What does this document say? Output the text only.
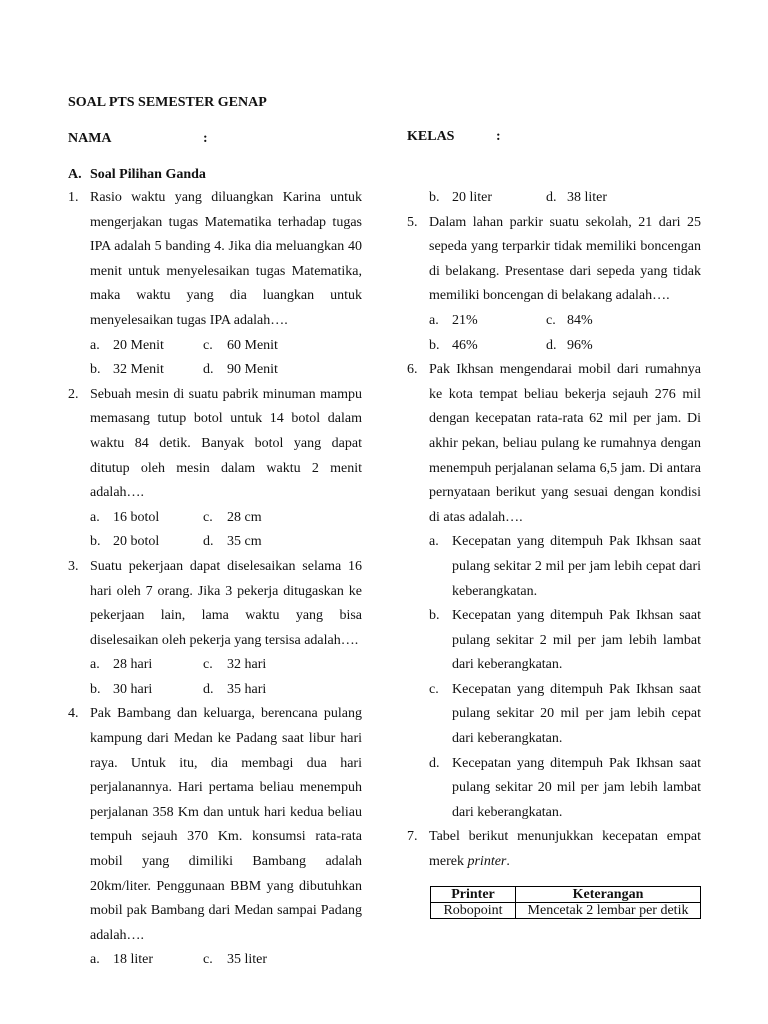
SOAL PTS SEMESTER GENAP
NAMA	:	KELAS	:
A. Soal Pilihan Ganda
1. Rasio waktu yang diluangkan Karina untuk mengerjakan tugas Matematika terhadap tugas IPA adalah 5 banding 4. Jika dia meluangkan 40 menit untuk menyelesaikan tugas Matematika, maka waktu yang dia luangkan untuk menyelesaikan tugas IPA adalah….
a. 20 Menit	c. 60 Menit
b. 32 Menit	d. 90 Menit
2. Sebuah mesin di suatu pabrik minuman mampu memasang tutup botol untuk 14 botol dalam waktu 84 detik. Banyak botol yang dapat ditutup oleh mesin dalam waktu 2 menit adalah….
a. 16 botol	c. 28 cm
b. 20 botol	d. 35 cm
3. Suatu pekerjaan dapat diselesaikan selama 16 hari oleh 7 orang. Jika 3 pekerja ditugaskan ke pekerjaan lain, lama waktu yang bisa diselesaikan oleh pekerja yang tersisa adalah….
a. 28 hari	c. 32 hari
b. 30 hari	d. 35 hari
4. Pak Bambang dan keluarga, berencana pulang kampung dari Medan ke Padang saat libur hari raya. Untuk itu, dia membagi dua hari perjalanannya. Hari pertama beliau menempuh perjalanan 358 Km dan untuk hari kedua beliau tempuh sejauh 370 Km. konsumsi rata-rata mobil yang dimiliki Bambang adalah 20km/liter. Penggunaan BBM yang dibutuhkan mobil pak Bambang dari Medan sampai Padang adalah….
a. 18 liter	c. 35 liter
b. 20 liter	d. 38 liter
5. Dalam lahan parkir suatu sekolah, 21 dari 25 sepeda yang terparkir tidak memiliki boncengan di belakang. Presentase dari sepeda yang tidak memiliki boncengan di belakang adalah….
a. 21%	c. 84%
b. 46%	d. 96%
6. Pak Ikhsan mengendarai mobil dari rumahnya ke kota tempat beliau bekerja sejauh 276 mil dengan kecepatan rata-rata 62 mil per jam. Di akhir pekan, beliau pulang ke rumahnya dengan menempuh perjalanan selama 6,5 jam. Di antara pernyataan berikut yang sesuai dengan kondisi di atas adalah….
a. Kecepatan yang ditempuh Pak Ikhsan saat pulang sekitar 2 mil per jam lebih cepat dari keberangkatan.
b. Kecepatan yang ditempuh Pak Ikhsan saat pulang sekitar 2 mil per jam lebih lambat dari keberangkatan.
c. Kecepatan yang ditempuh Pak Ikhsan saat pulang sekitar 20 mil per jam lebih cepat dari keberangkatan.
d. Kecepatan yang ditempuh Pak Ikhsan saat pulang sekitar 20 mil per jam lebih lambat dari keberangkatan.
7. Tabel berikut menunjukkan kecepatan empat merek printer.
Printer	Keterangan
Robopoint	Mencetak 2 lembar per detik
